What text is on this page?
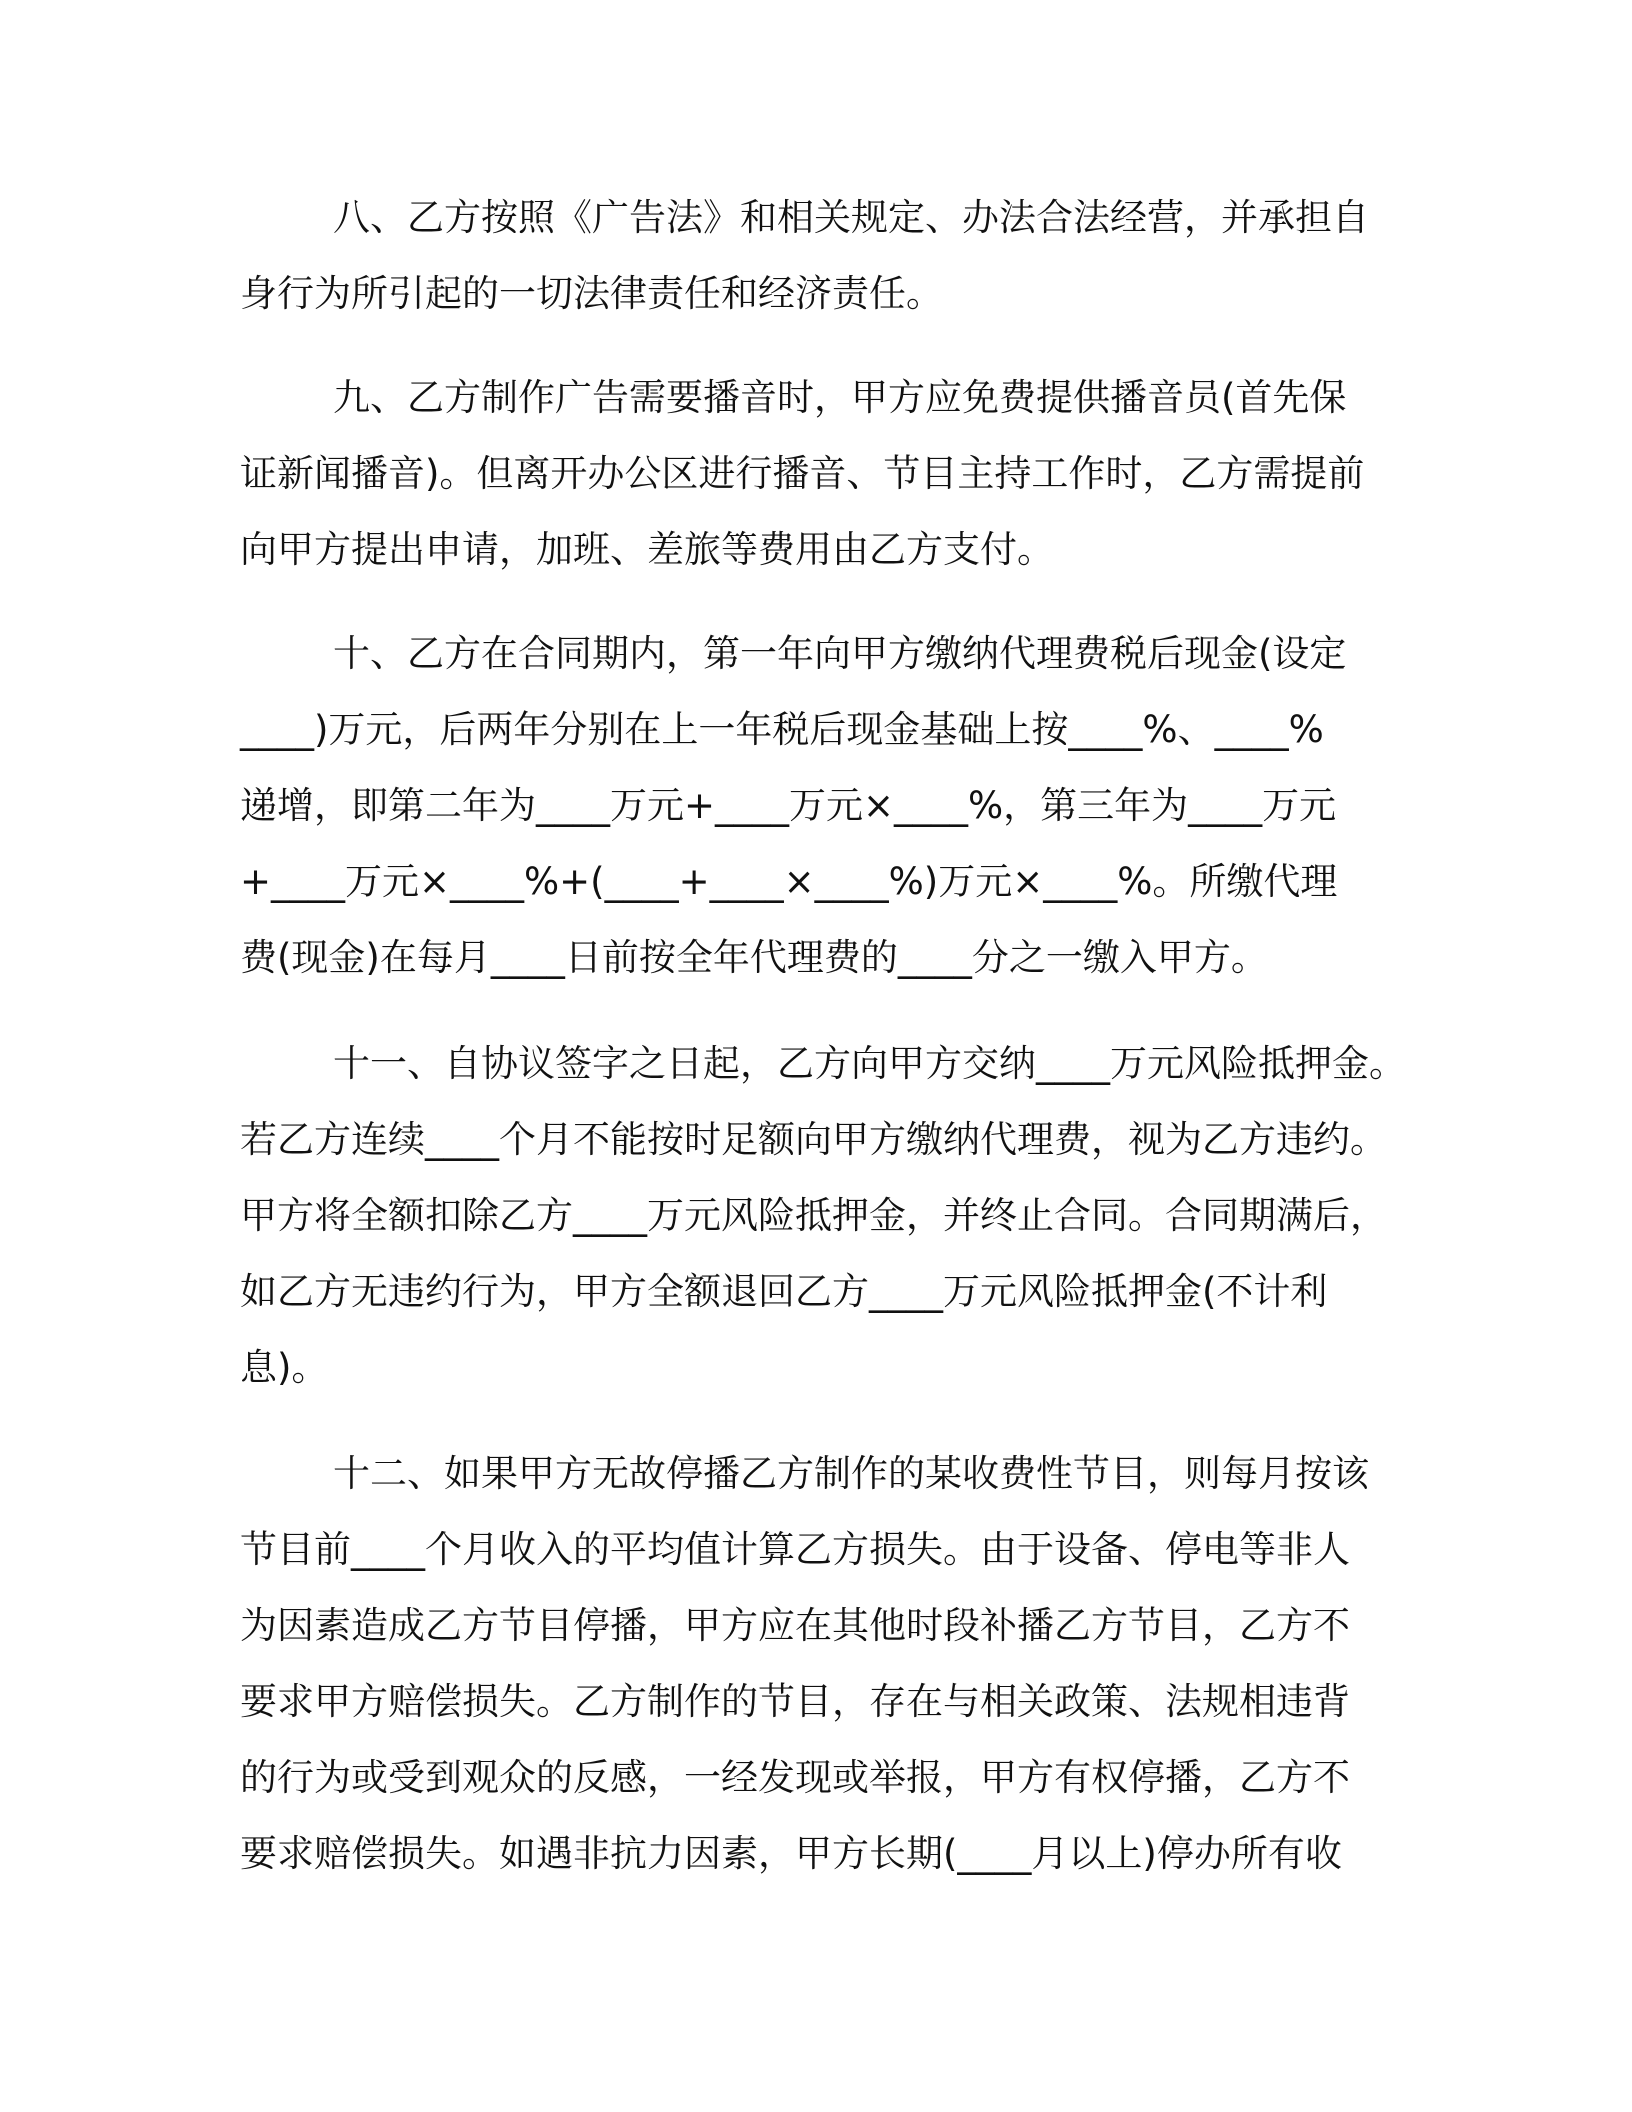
八、乙方按照《广告法》和相关规定、办法合法经营，并承担自
身行为所引起的一切法律责任和经济责任。
九、乙方制作广告需要播音时，甲方应免费提供播音员(首先保
证新闻播音)。但离开办公区进行播音、节目主持工作时，乙方需提前
向甲方提出申请，加班、差旅等费用由乙方支付。
十、乙方在合同期内，第一年向甲方缴纳代理费税后现金(设定
____)万元，后两年分别在上一年税后现金基础上按____%、____%
递增，即第二年为____万元+____万元×____%，第三年为____万元
+____万元×____%+(____+____×____%)万元×____%。所缴代理
费(现金)在每月____日前按全年代理费的____分之一缴入甲方。
十一、自协议签字之日起，乙方向甲方交纳____万元风险抵押金。
若乙方连续____个月不能按时足额向甲方缴纳代理费，视为乙方违约。
甲方将全额扣除乙方____万元风险抵押金，并终止合同。合同期满后，
如乙方无违约行为，甲方全额退回乙方____万元风险抵押金(不计利
息)。
十二、如果甲方无故停播乙方制作的某收费性节目，则每月按该
节目前____个月收入的平均值计算乙方损失。由于设备、停电等非人
为因素造成乙方节目停播，甲方应在其他时段补播乙方节目，乙方不
要求甲方赔偿损失。乙方制作的节目，存在与相关政策、法规相违背
的行为或受到观众的反感，一经发现或举报，甲方有权停播，乙方不
要求赔偿损失。如遇非抗力因素，甲方长期(____月以上)停办所有收
